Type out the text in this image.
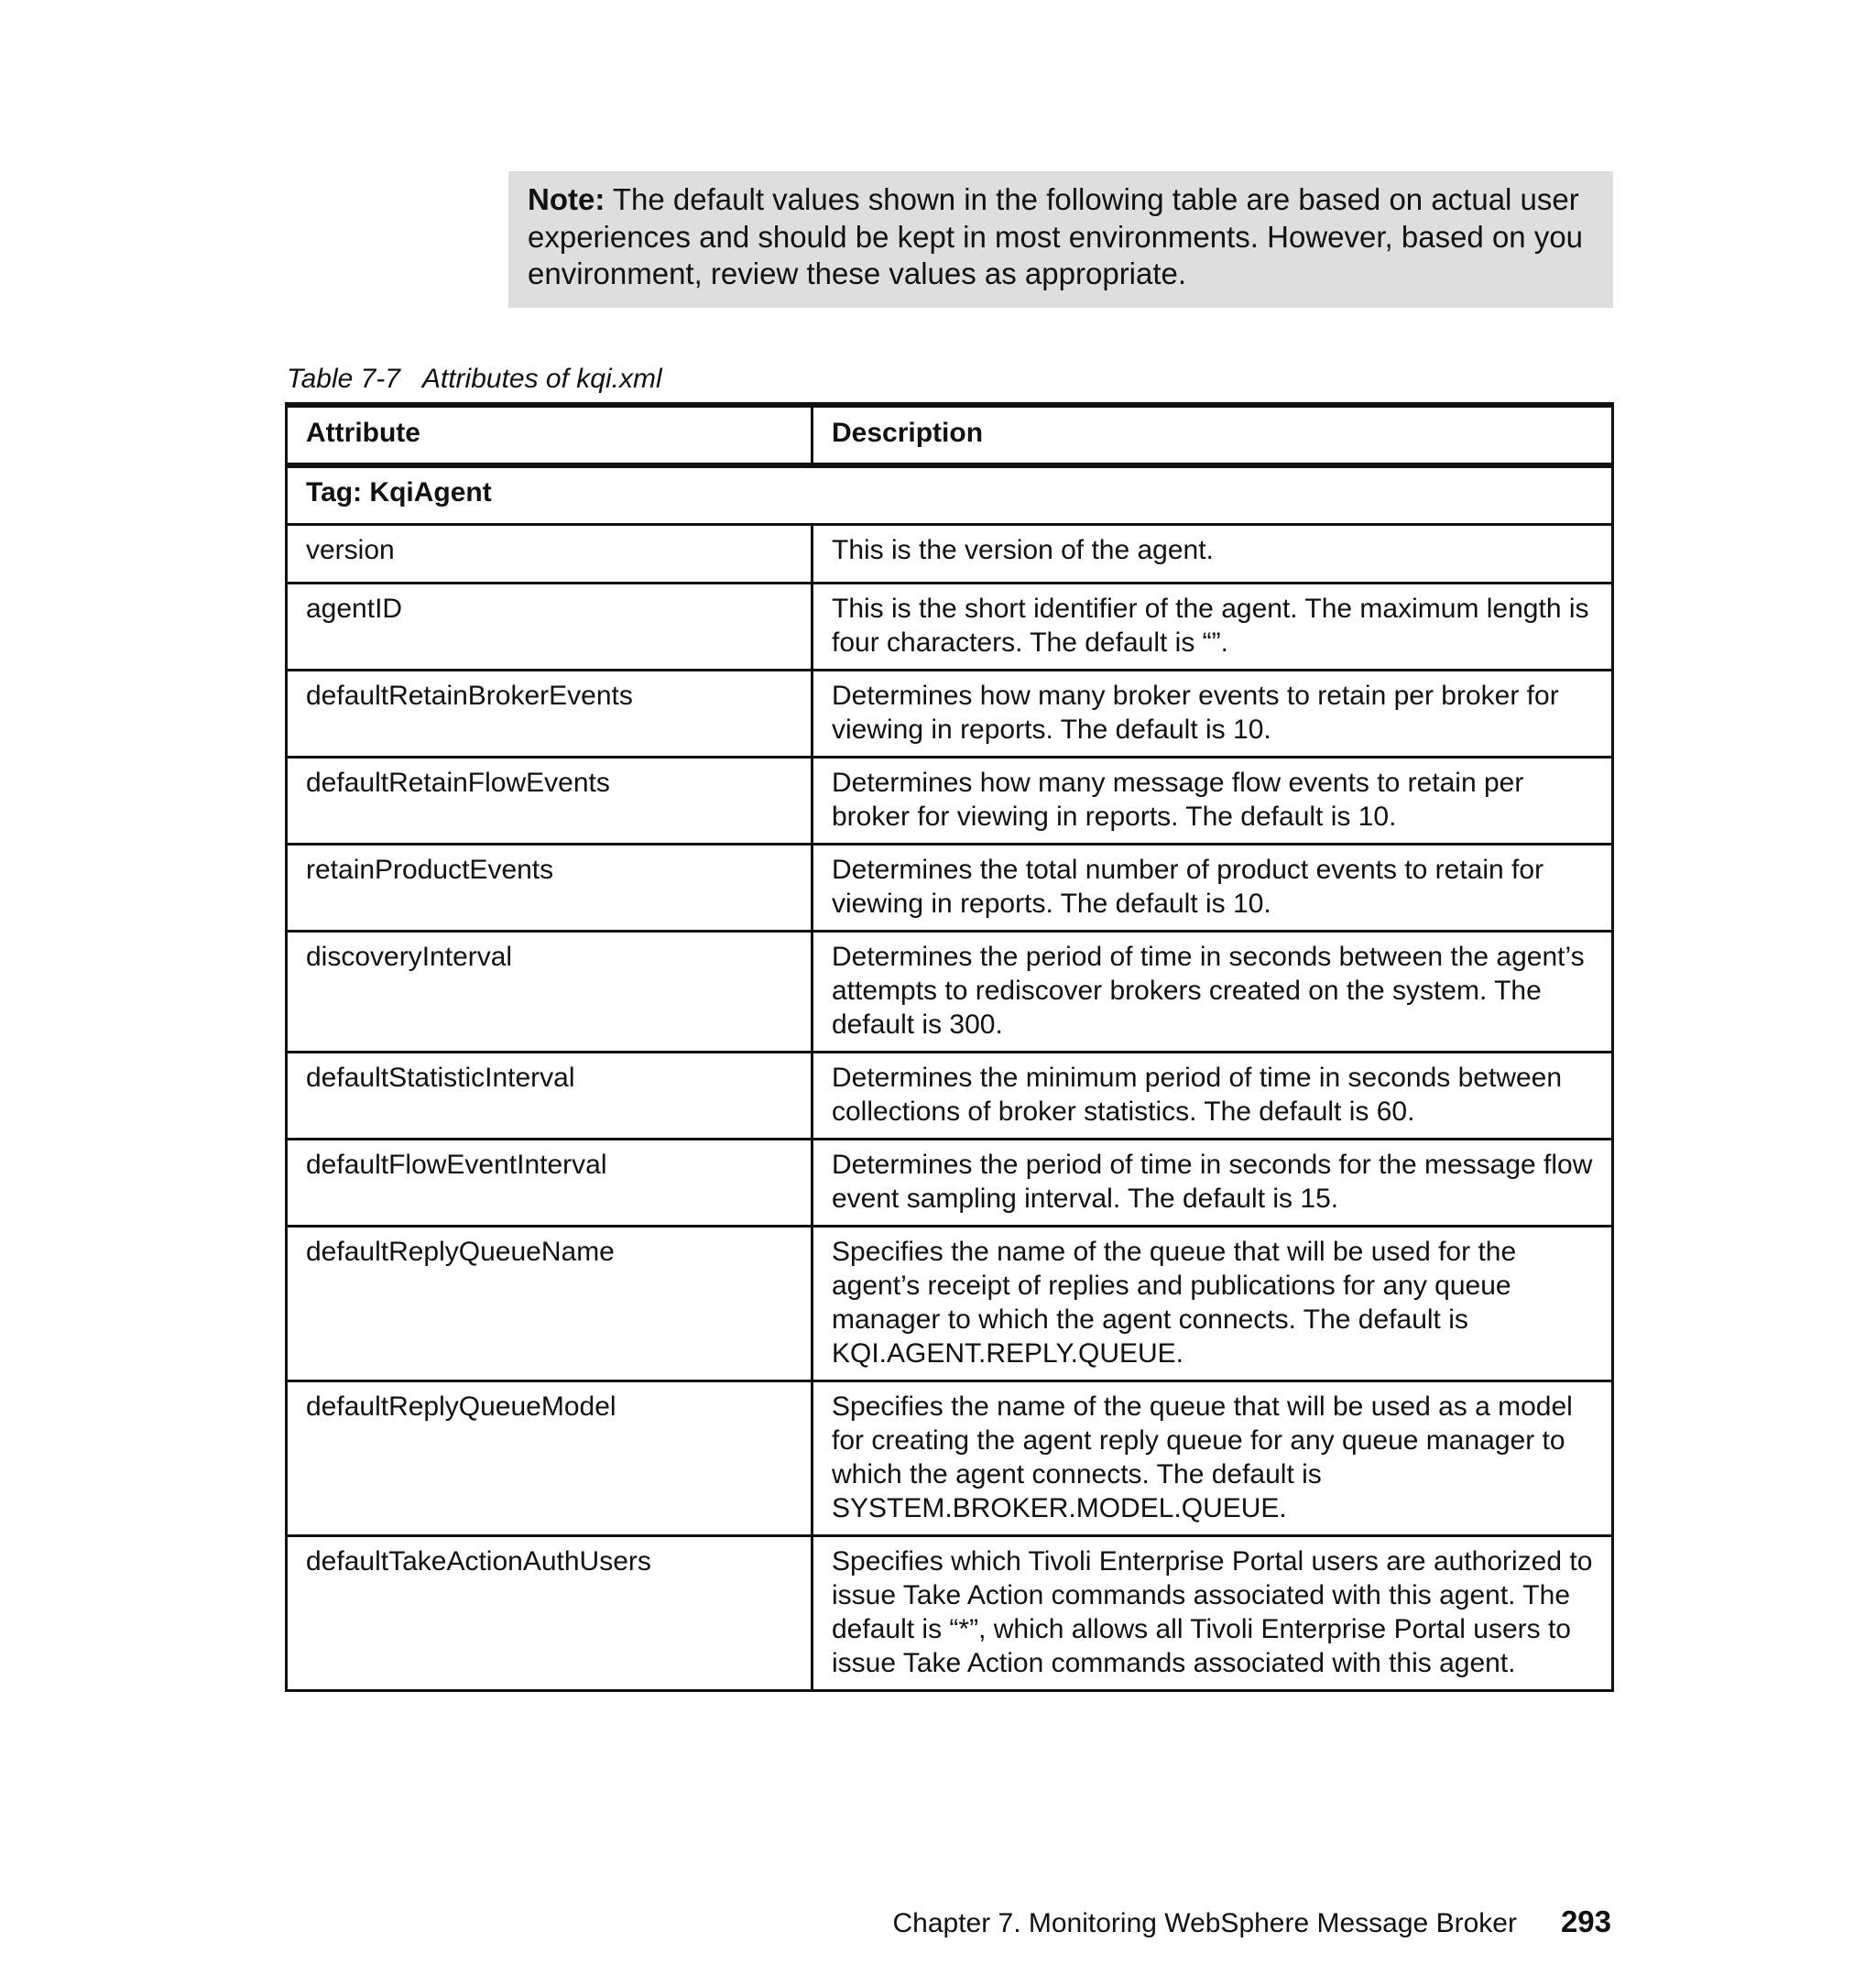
Note: The default values shown in the following table are based on actual user experiences and should be kept in most environments. However, based on you environment, review these values as appropriate.
Table 7-7   Attributes of kqi.xml
Attribute	Description
Tag: KqiAgent	
version	This is the version of the agent.
agentID	This is the short identifier of the agent. The maximum length is four characters. The default is “”.
defaultRetainBrokerEvents	Determines how many broker events to retain per broker for viewing in reports. The default is 10.
defaultRetainFlowEvents	Determines how many message flow events to retain per broker for viewing in reports. The default is 10.
retainProductEvents	Determines the total number of product events to retain for viewing in reports. The default is 10.
discoveryInterval	Determines the period of time in seconds between the agent’s attempts to rediscover brokers created on the system. The default is 300.
defaultStatisticInterval	Determines the minimum period of time in seconds between collections of broker statistics. The default is 60.
defaultFlowEventInterval	Determines the period of time in seconds for the message flow event sampling interval. The default is 15.
defaultReplyQueueName	Specifies the name of the queue that will be used for the agent’s receipt of replies and publications for any queue manager to which the agent connects. The default is KQI.AGENT.REPLY.QUEUE.
defaultReplyQueueModel	Specifies the name of the queue that will be used as a model for creating the agent reply queue for any queue manager to which the agent connects. The default is SYSTEM.BROKER.MODEL.QUEUE.
defaultTakeActionAuthUsers	Specifies which Tivoli Enterprise Portal users are authorized to issue Take Action commands associated with this agent. The default is “*”, which allows all Tivoli Enterprise Portal users to issue Take Action commands associated with this agent.
Chapter 7. Monitoring WebSphere Message Broker 293
